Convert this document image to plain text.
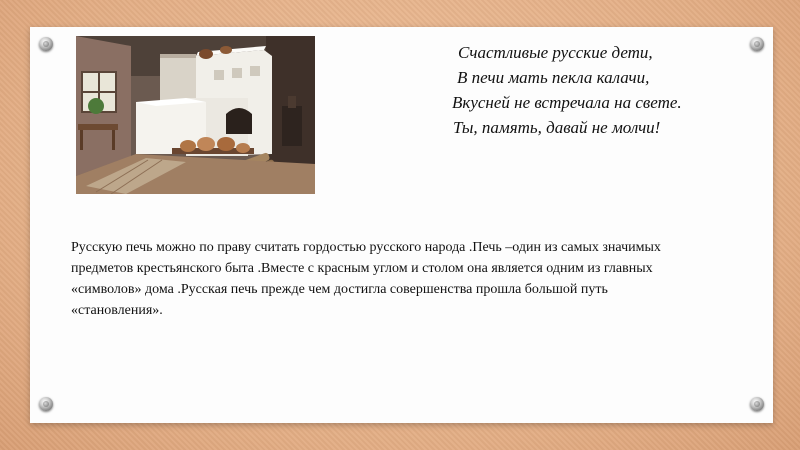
Счастливые русские дети,
В печи мать пекла калачи,
Вкусней не встречала на свете.
Ты, память, давай не молчи!
Русскую печь можно по праву считать гордостью русского народа .Печь –один из самых значимых
предметов крестьянского быта .Вместе с красным углом и столом она является одним из главных
«символов» дома .Русская печь прежде чем достигла совершенства прошла большой путь
«становления».
